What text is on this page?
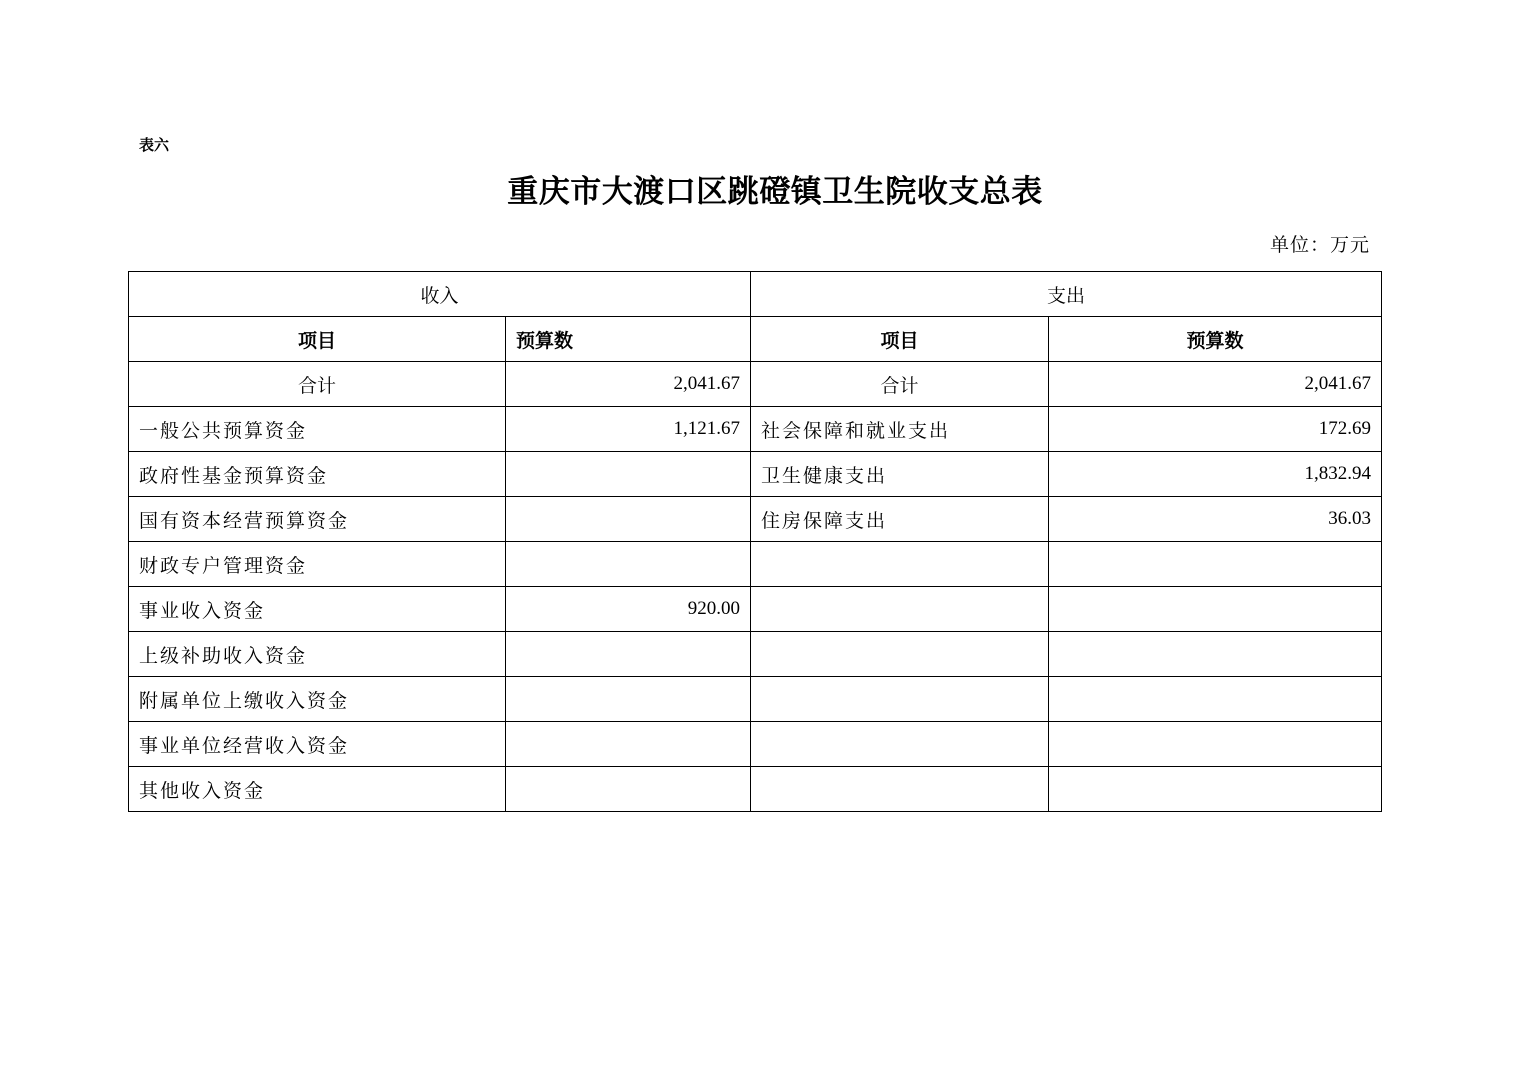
表六
重庆市大渡口区跳磴镇卫生院收支总表
单位：万元
收入		支出	
项目	预算数	项目	预算数
合计	2,041.67	合计	2,041.67
一般公共预算资金	1,121.67	社会保障和就业支出	172.69
政府性基金预算资金		卫生健康支出	1,832.94
国有资本经营预算资金		住房保障支出	36.03
财政专户管理资金			
事业收入资金	920.00		
上级补助收入资金			
附属单位上缴收入资金			
事业单位经营收入资金			
其他收入资金			
